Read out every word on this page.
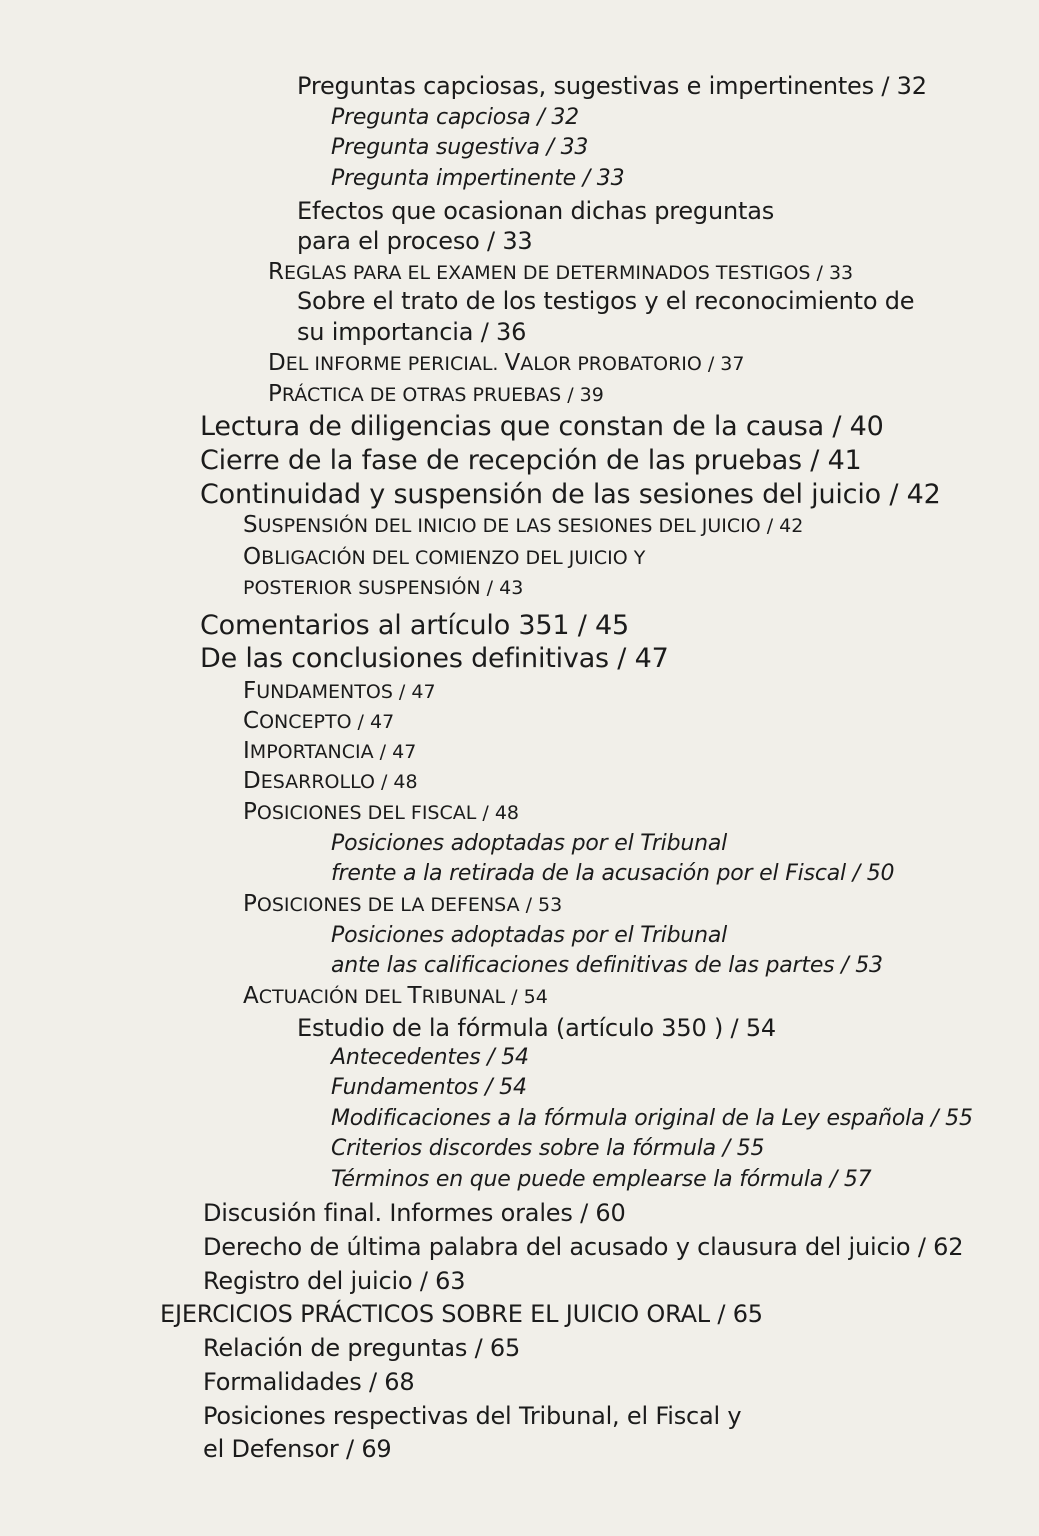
Preguntas capciosas, sugestivas e impertinentes / 32
Pregunta capciosa / 32
Pregunta sugestiva / 33
Pregunta impertinente / 33
Efectos que ocasionan dichas preguntas
para el proceso / 33
REGLAS PARA EL EXAMEN DE DETERMINADOS TESTIGOS / 33
Sobre el trato de los testigos y el reconocimiento de
su importancia / 36
DEL INFORME PERICIAL. VALOR PROBATORIO / 37
PRÁCTICA DE OTRAS PRUEBAS / 39
Lectura de diligencias que constan de la causa / 40
Cierre de la fase de recepción de las pruebas / 41
Continuidad y suspensión de las sesiones del juicio / 42
SUSPENSIÓN DEL INICIO DE LAS SESIONES DEL JUICIO / 42
OBLIGACIÓN DEL COMIENZO DEL JUICIO Y
POSTERIOR SUSPENSIÓN / 43
Comentarios al artículo 351 / 45
De las conclusiones definitivas / 47
FUNDAMENTOS / 47
CONCEPTO / 47
IMPORTANCIA / 47
DESARROLLO / 48
POSICIONES DEL FISCAL / 48
Posiciones adoptadas por el Tribunal
frente a la retirada de la acusación por el Fiscal / 50
POSICIONES DE LA DEFENSA / 53
Posiciones adoptadas por el Tribunal
ante las calificaciones definitivas de las partes / 53
ACTUACIÓN DEL TRIBUNAL / 54
Estudio de la fórmula (artículo 350 ) / 54
Antecedentes / 54
Fundamentos / 54
Modificaciones a la fórmula original de la Ley española / 55
Criterios discordes sobre la fórmula / 55
Términos en que puede emplearse la fórmula / 57
Discusión final. Informes orales / 60
Derecho de última palabra del acusado y clausura del juicio / 62
Registro del juicio / 63
EJERCICIOS PRÁCTICOS SOBRE EL JUICIO ORAL / 65
Relación de preguntas / 65
Formalidades / 68
Posiciones respectivas del Tribunal, el Fiscal y
el Defensor / 69
